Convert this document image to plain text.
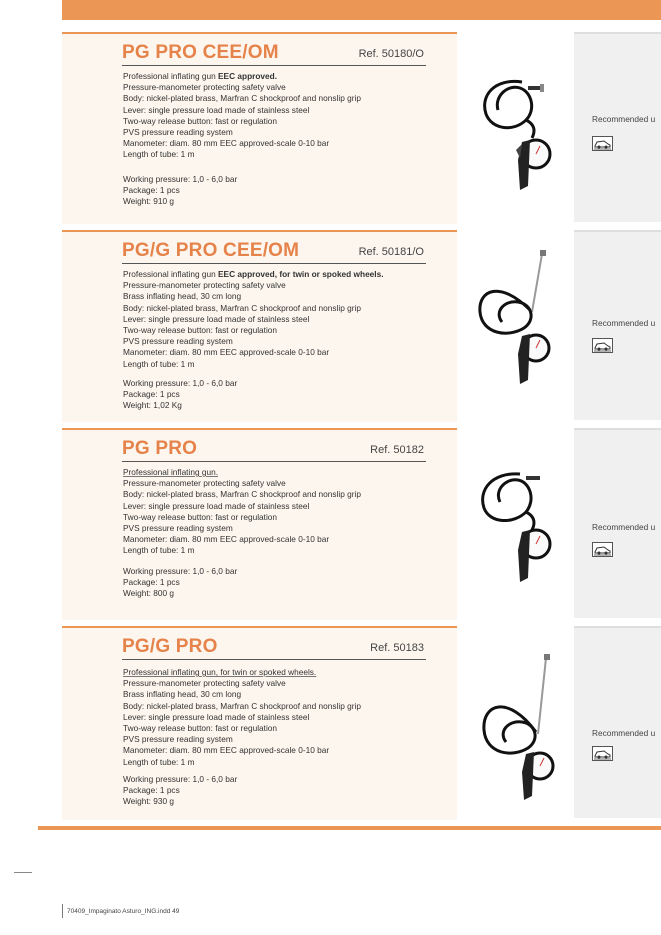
PG PRO CEE/OM	Ref. 50180/O
Professional inflating gun EEC approved.
Pressure-manometer protecting safety valve
Body: nickel-plated brass, Marfran C shockproof and nonslip grip
Lever: single pressure load made of stainless steel
Two-way release button: fast or regulation
PVS pressure reading system
Manometer: diam. 80 mm EEC approved-scale 0-10 bar
Length of tube: 1 m
Working pressure: 1,0 - 6,0 bar
Package: 1 pcs
Weight: 910 g
Recommended u
PG/G PRO CEE/OM	Ref. 50181/O
Professional inflating gun EEC approved, for twin or spoked wheels.
Pressure-manometer protecting safety valve
Brass inflating head, 30 cm long
Body: nickel-plated brass, Marfran C shockproof and nonslip grip
Lever: single pressure load made of stainless steel
Two-way release button: fast or regulation
PVS pressure reading system
Manometer: diam. 80 mm EEC approved-scale 0-10 bar
Length of tube: 1 m
Working pressure: 1,0 - 6,0 bar
Package: 1 pcs
Weight: 1,02 Kg
Recommended u
PG PRO	Ref. 50182
Professional inflating gun.
Pressure-manometer protecting safety valve
Body: nickel-plated brass, Marfran C shockproof and nonslip grip
Lever: single pressure load made of stainless steel
Two-way release button: fast or regulation
PVS pressure reading system
Manometer: diam. 80 mm EEC approved-scale 0-10 bar
Length of tube: 1 m
Working pressure: 1,0 - 6,0 bar
Package: 1 pcs
Weight: 800 g
Recommended u
PG/G PRO	Ref. 50183
Professional inflating gun, for twin or spoked wheels.
Pressure-manometer protecting safety valve
Brass inflating head, 30 cm long
Body: nickel-plated brass, Marfran C shockproof and nonslip grip
Lever: single pressure load made of stainless steel
Two-way release button: fast or regulation
PVS pressure reading system
Manometer: diam. 80 mm EEC approved-scale 0-10 bar
Length of tube: 1 m
Working pressure: 1,0 - 6,0 bar
Package: 1 pcs
Weight: 930 g
Recommended u
70409_Impaginato Asturo_ING.indd 49
